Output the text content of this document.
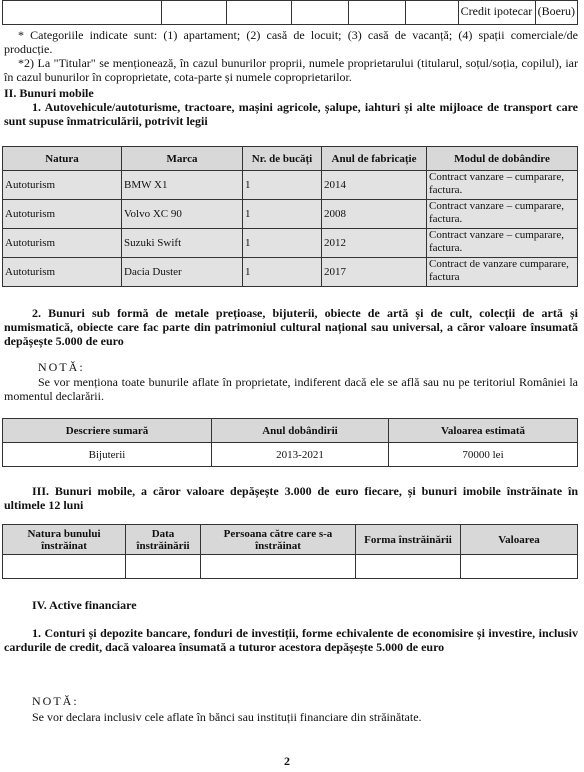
						Credit ipotecar	(Boeru)
* Categoriile indicate sunt: (1) apartament; (2) casă de locuit; (3) casă de vacanță; (4) spații comerciale/de producție.
*2) La "Titular" se menționează, în cazul bunurilor proprii, numele proprietarului (titularul, soțul/soția, copilul), iar în cazul bunurilor în coproprietate, cota-parte și numele coproprietarilor.
II. Bunuri mobile
1. Autovehicule/autoturisme, tractoare, mașini agricole, șalupe, iahturi și alte mijloace de transport care sunt supuse înmatriculării, potrivit legii
Natura	Marca	Nr. de bucăți	Anul de fabricație	Modul de dobândire
Autoturism	BMW X1	1	2014	Contract vanzare – cumparare, factura.
Autoturism	Volvo XC 90	1	2008	Contract vanzare – cumparare, factura.
Autoturism	Suzuki Swift	1	2012	Contract vanzare – cumparare, factura.
Autoturism	Dacia Duster	1	2017	Contract de vanzare cumparare, factura
2. Bunuri sub formă de metale prețioase, bijuterii, obiecte de artă și de cult, colecții de artă și numismatică, obiecte care fac parte din patrimoniul cultural național sau universal, a căror valoare însumată depășește 5.000 de euro
NOTĂ:
Se vor menționa toate bunurile aflate în proprietate, indiferent dacă ele se află sau nu pe teritoriul României la momentul declarării.
Descriere sumară	Anul dobândirii	Valoarea estimată
Bijuterii	2013-2021	70000 lei
III. Bunuri mobile, a căror valoare depășește 3.000 de euro fiecare, și bunuri imobile înstrăinate în ultimele 12 luni
Natura bunului înstrăinat	Data înstrăinării	Persoana către care s-a înstrăinat	Forma înstrăinării	Valoarea

IV. Active financiare
1. Conturi și depozite bancare, fonduri de investiții, forme echivalente de economisire și investire, inclusiv cardurile de credit, dacă valoarea însumată a tuturor acestora depășește 5.000 de euro
NOTĂ:
Se vor declara inclusiv cele aflate în bănci sau instituții financiare din străinătate.
2
